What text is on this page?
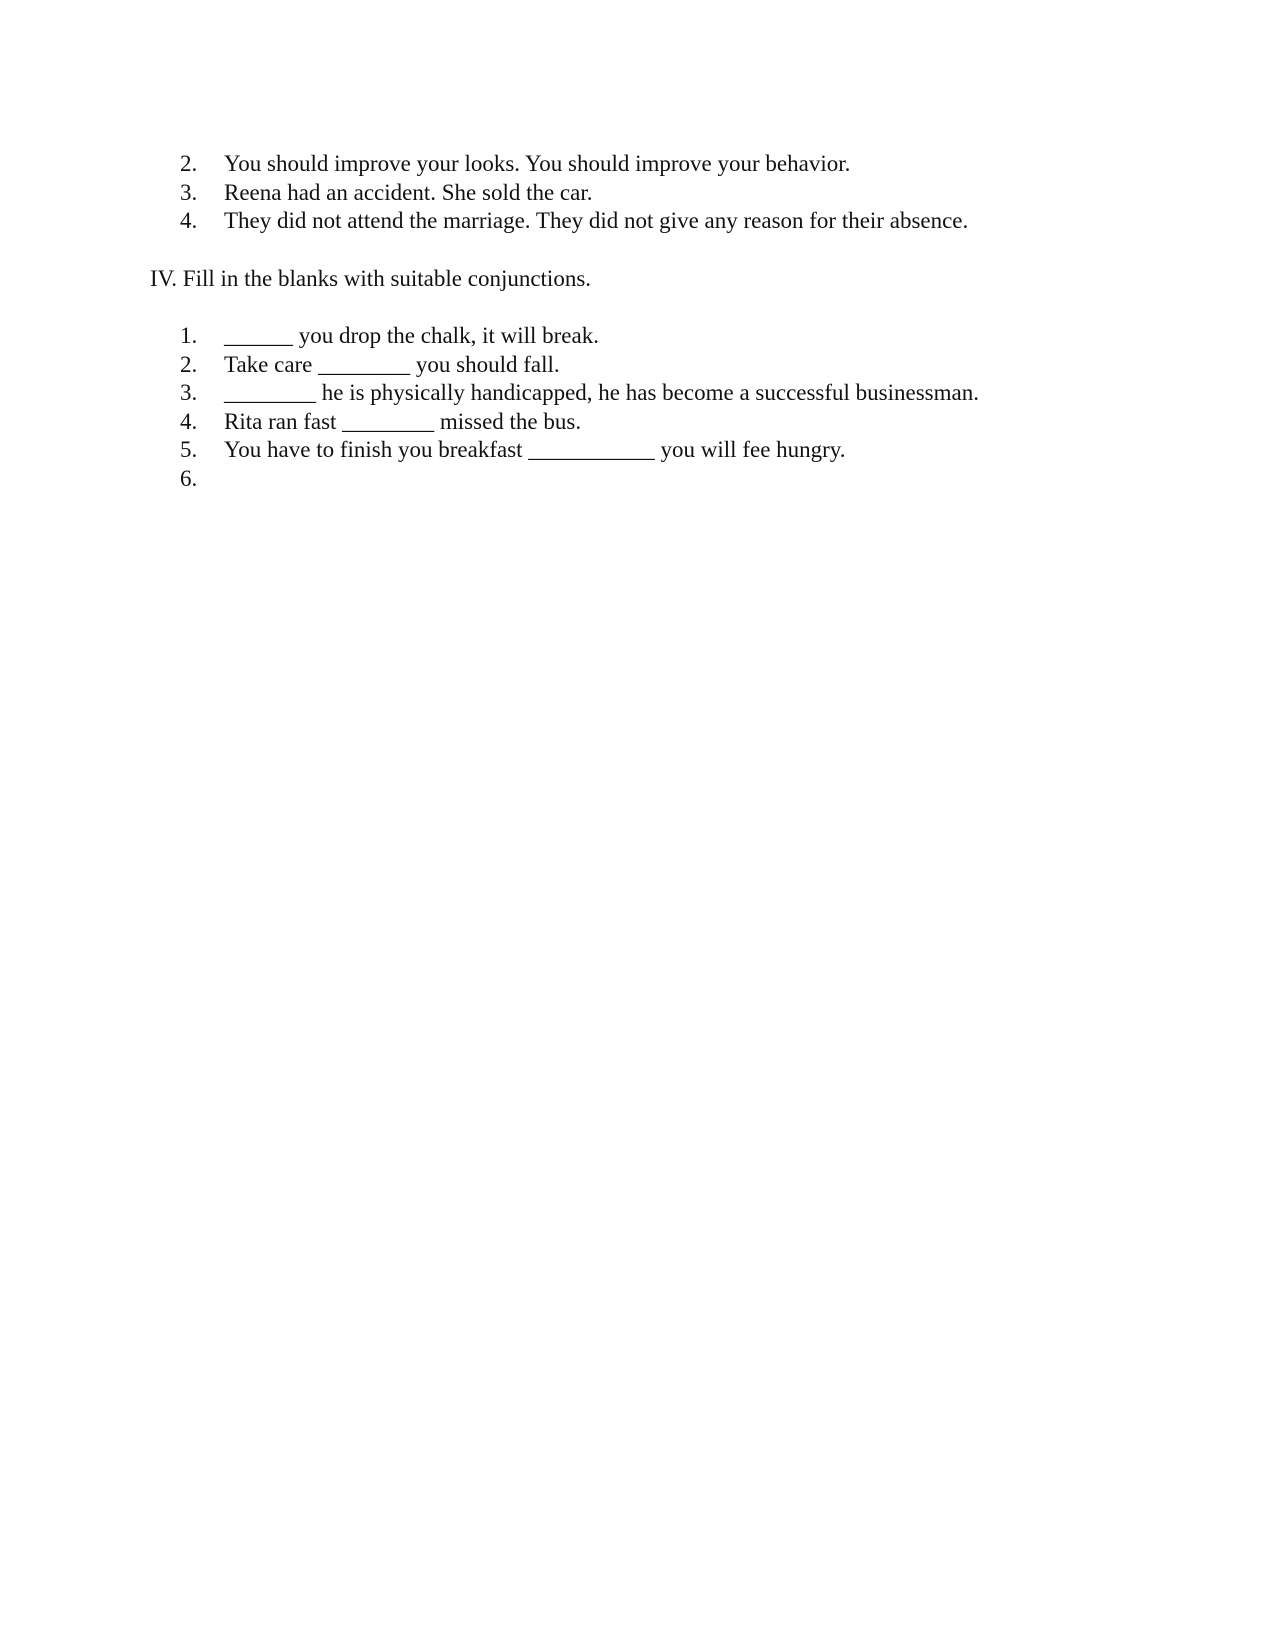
2.	You should improve your looks. You should improve your behavior.
3.	Reena had an accident. She sold the car.
4.	They did not attend the marriage. They did not give any reason for their absence.
IV. Fill in the blanks with suitable conjunctions.
1.	______ you drop the chalk, it will break.
2.	Take care ________ you should fall.
3.	________ he is physically handicapped, he has become a successful businessman.
4.	Rita ran fast ________ missed the bus.
5.	You have to finish you breakfast ___________ you will fee hungry.
6.
